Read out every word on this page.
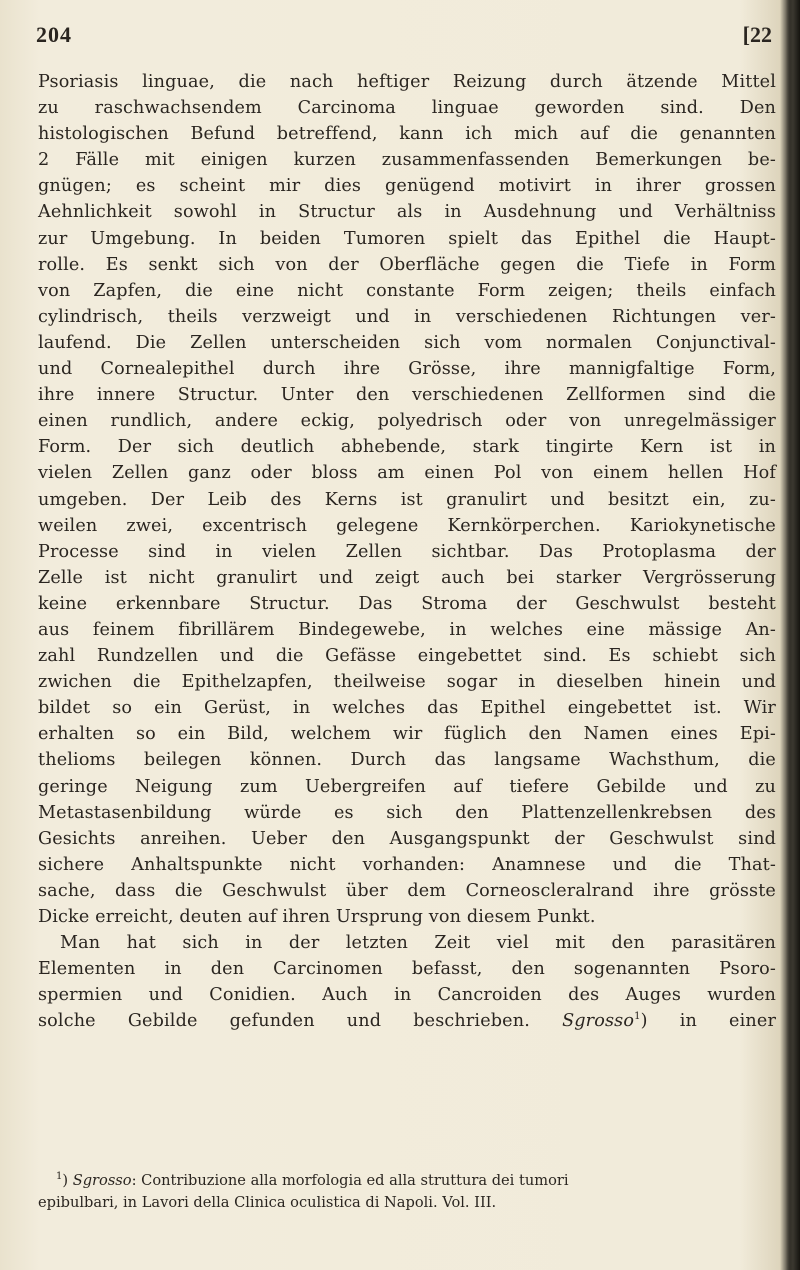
204	[22
Psoriasis linguae, die nach heftiger Reizung durch ätzende Mittel
zu raschwachsendem Carcinoma linguae geworden sind. Den
histologischen Befund betreffend, kann ich mich auf die genannten
2 Fälle mit einigen kurzen zusammenfassenden Bemerkungen be-
gnügen; es scheint mir dies genügend motivirt in ihrer grossen
Aehnlichkeit sowohl in Structur als in Ausdehnung und Verhältniss
zur Umgebung. In beiden Tumoren spielt das Epithel die Haupt-
rolle. Es senkt sich von der Oberfläche gegen die Tiefe in Form
von Zapfen, die eine nicht constante Form zeigen; theils einfach
cylindrisch, theils verzweigt und in verschiedenen Richtungen ver-
laufend. Die Zellen unterscheiden sich vom normalen Conjunctival-
und Cornealepithel durch ihre Grösse, ihre mannigfaltige Form,
ihre innere Structur. Unter den verschiedenen Zellformen sind die
einen rundlich, andere eckig, polyedrisch oder von unregelmässiger
Form. Der sich deutlich abhebende, stark tingirte Kern ist in
vielen Zellen ganz oder bloss am einen Pol von einem hellen Hof
umgeben. Der Leib des Kerns ist granulirt und besitzt ein, zu-
weilen zwei, excentrisch gelegene Kernkörperchen. Kariokynetische
Processe sind in vielen Zellen sichtbar. Das Protoplasma der
Zelle ist nicht granulirt und zeigt auch bei starker Vergrösserung
keine erkennbare Structur. Das Stroma der Geschwulst besteht
aus feinem fibrillärem Bindegewebe, in welches eine mässige An-
zahl Rundzellen und die Gefässe eingebettet sind. Es schiebt sich
zwichen die Epithelzapfen, theilweise sogar in dieselben hinein und
bildet so ein Gerüst, in welches das Epithel eingebettet ist. Wir
erhalten so ein Bild, welchem wir füglich den Namen eines Epi-
thelioms beilegen können. Durch das langsame Wachsthum, die
geringe Neigung zum Uebergreifen auf tiefere Gebilde und zu
Metastasenbildung würde es sich den Plattenzellenkrebsen des
Gesichts anreihen. Ueber den Ausgangspunkt der Geschwulst sind
sichere Anhaltspunkte nicht vorhanden: Anamnese und die That-
sache, dass die Geschwulst über dem Corneoscleralrand ihre grösste
Dicke erreicht, deuten auf ihren Ursprung von diesem Punkt.
Man hat sich in der letzten Zeit viel mit den parasitären
Elementen in den Carcinomen befasst, den sogenannten Psoro-
spermien und Conidien. Auch in Cancroiden des Auges wurden
solche Gebilde gefunden und beschrieben. Sgrosso$^1$) in einer
$^1$) Sgrosso: Contribuzione alla morfologia ed alla struttura dei tumori
epibulbari, in Lavori della Clinica oculistica di Napoli. Vol. III.
